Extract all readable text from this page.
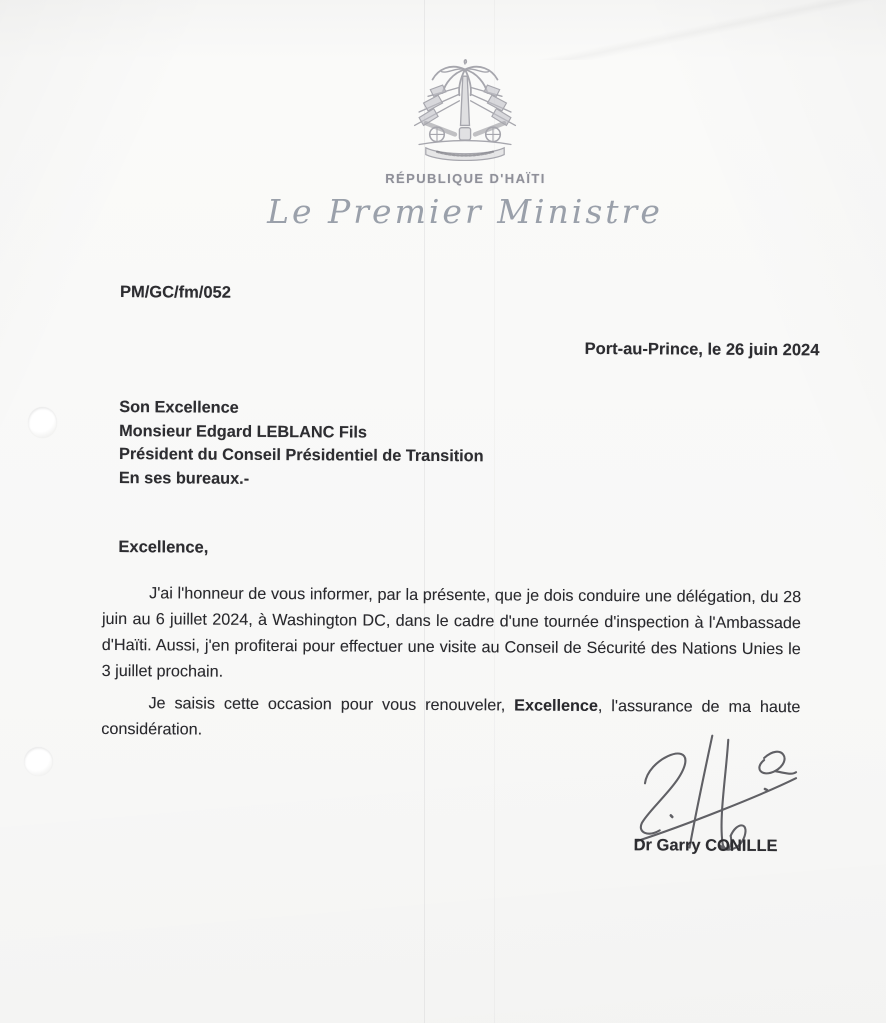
RÉPUBLIQUE D'HAÏTI
Le Premier Ministre
PM/GC/fm/052
Port-au-Prince, le 26 juin 2024
Son Excellence
Monsieur Edgard LEBLANC Fils
Président du Conseil Présidentiel de Transition
En ses bureaux.-
Excellence,

J'ai l'honneur de vous informer, par la présente, que je dois conduire une délégation, du 28 juin au 6 juillet 2024, à Washington DC, dans le cadre d'une tournée d'inspection à l'Ambassade d'Haïti. Aussi, j'en profiterai pour effectuer une visite au Conseil de Sécurité des Nations Unies le 3 juillet prochain.

Je saisis cette occasion pour vous renouveler, Excellence, l'assurance de ma haute considération.

Dr Garry CONILLE
